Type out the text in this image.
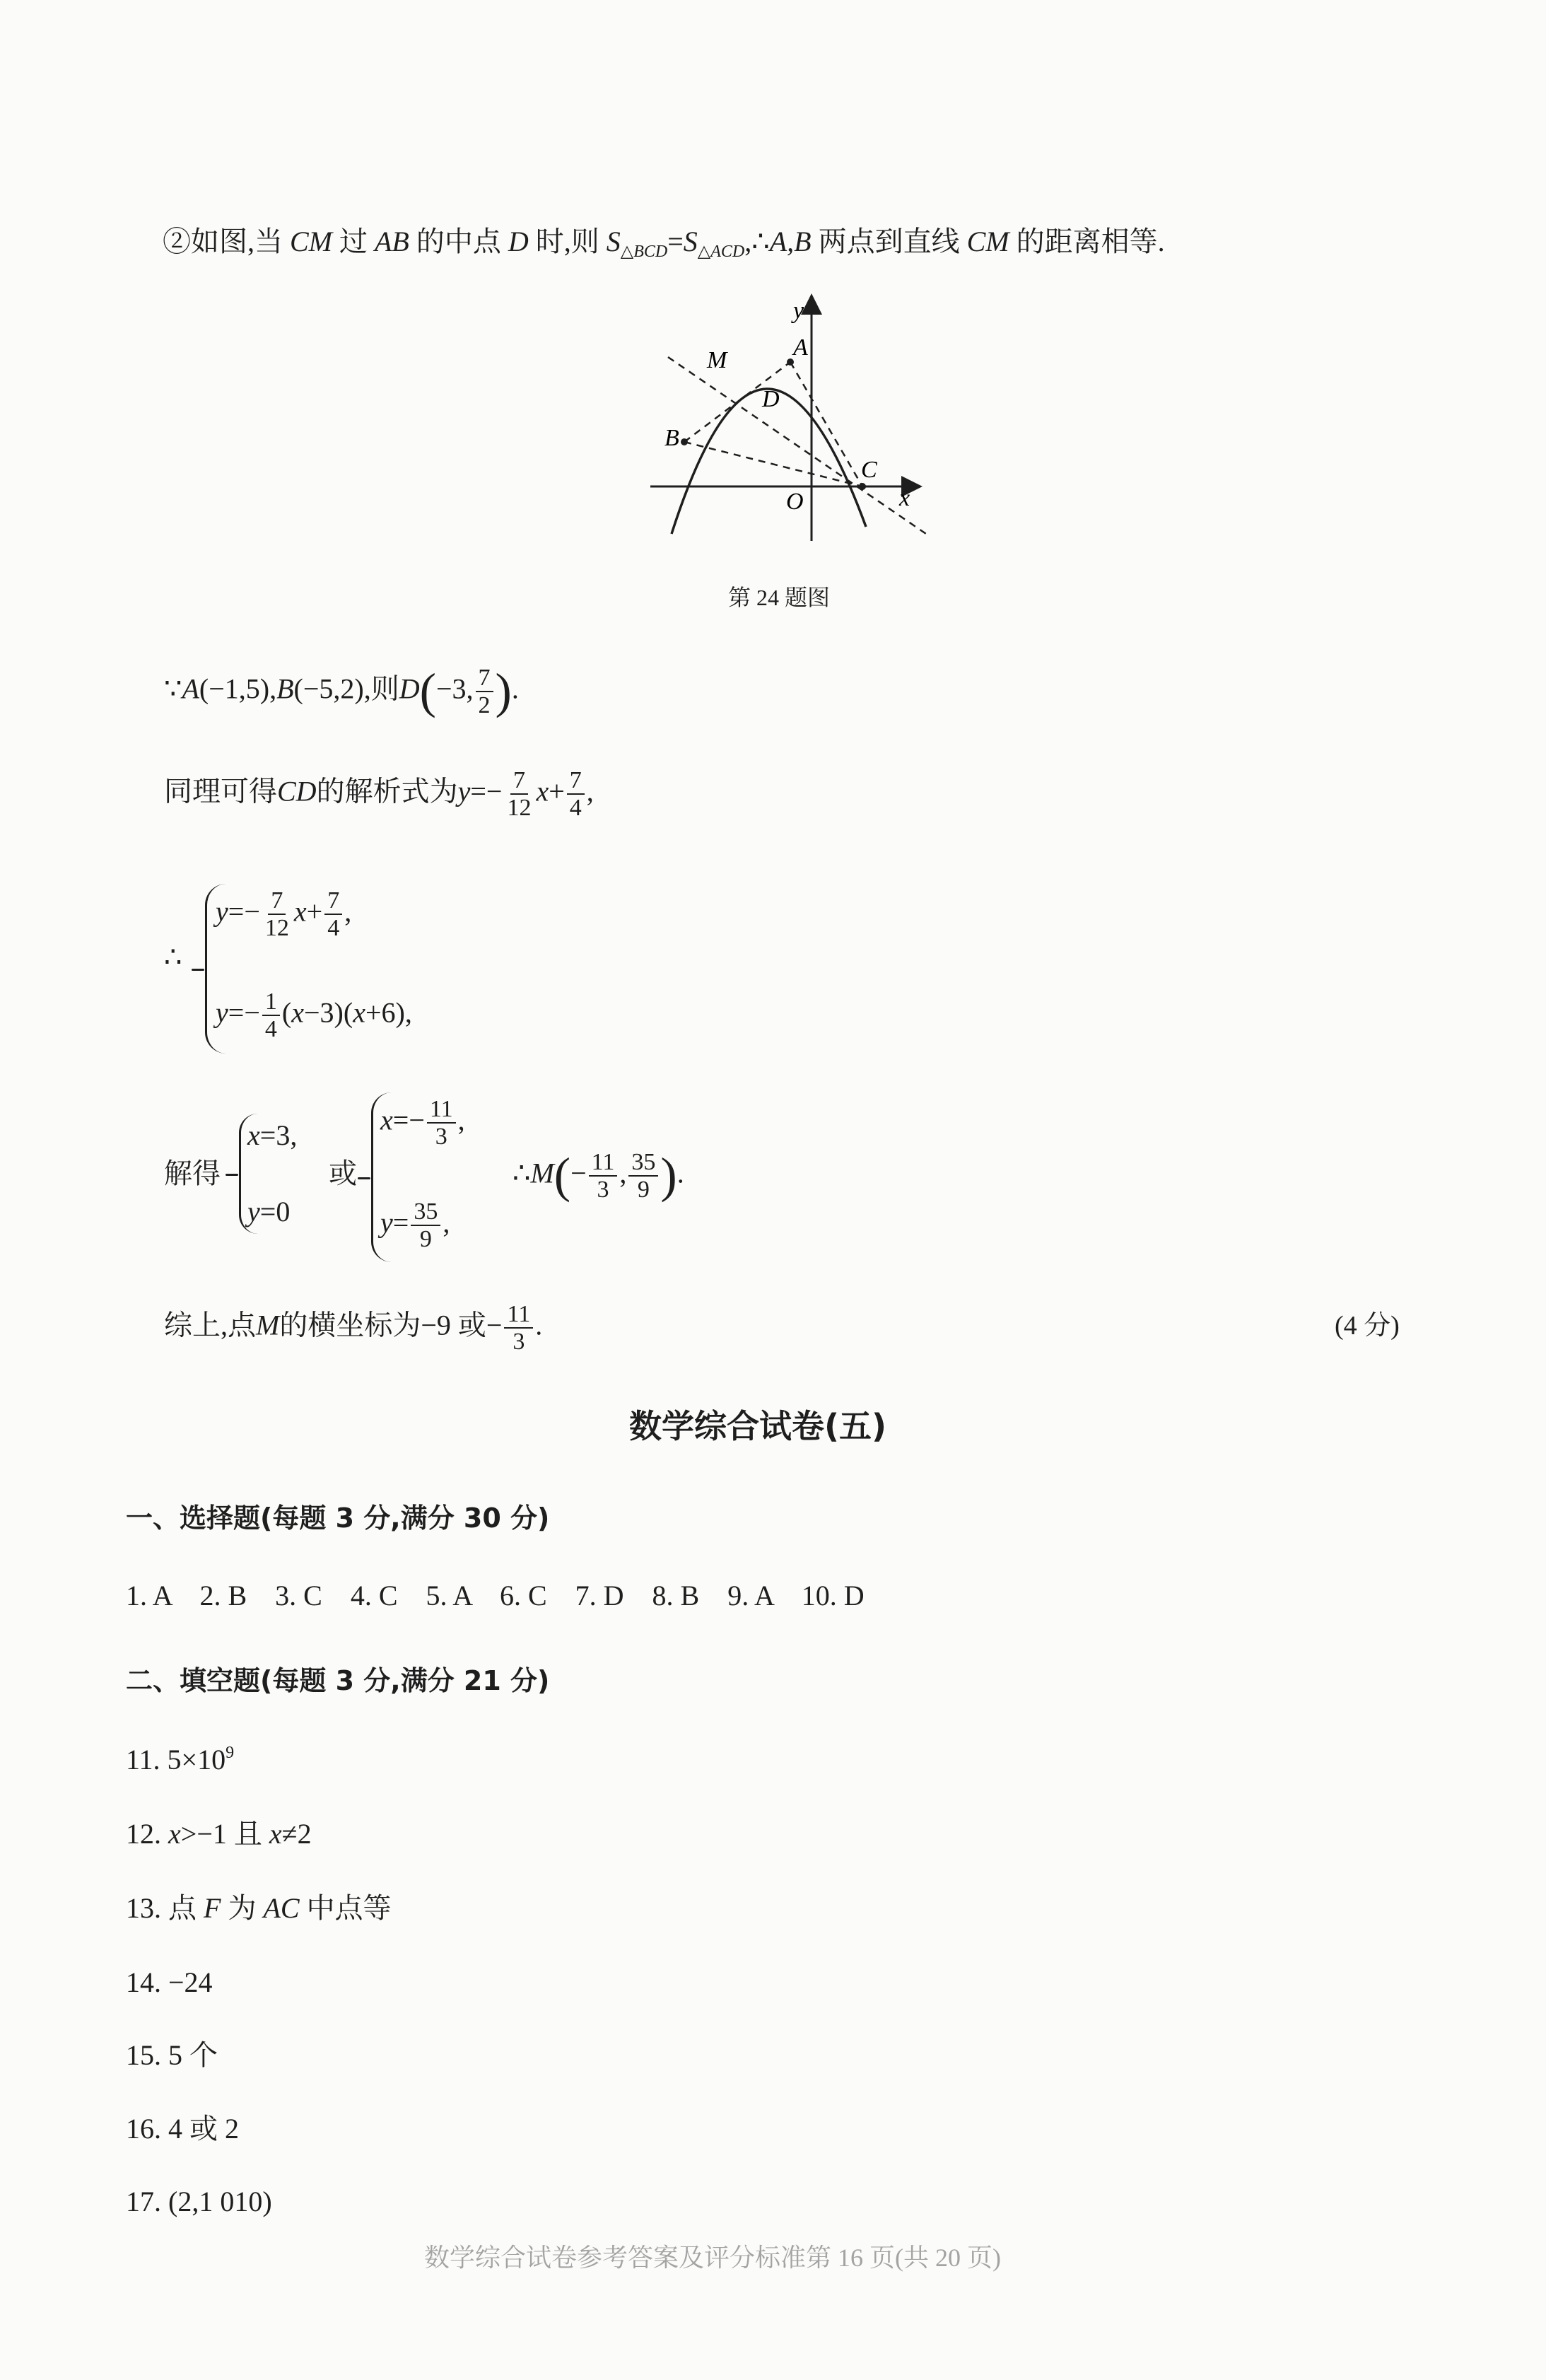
②如图,当 CM 过 AB 的中点 D 时,则 $S_{\triangle BCD}=S_{\triangle ACD},\therefore A,B$ 两点到直线 CM 的距离相等.
y
x
A
M
D
B
C
O
第 24 题图
∵A(−1,5),B(−5,2),则D(−3, $\frac{7}{2}$ ).
同理可得CD的解析式为$y=- \frac{7}{12} x+ \frac{7}{4}$ ,
∴
$y=- \frac{7}{12} x+ \frac{7}{4}$ ,
$y=- \frac{1}{4} (x-3)(x+6)$,
解得
x=3,
y=0
或
$x=- \frac{11}{3}$ ,
$y= \frac{35}{9}$ ,
∴M(− $\frac{11}{3}$ , $\frac{35}{9}$ ).
综上,点M的横坐标为−9 或− $\frac{11}{3}$ .	(4 分)
数学综合试卷(五)
一、选择题(每题 3 分,满分 30 分)
1. A　2. B　3. C　4. C　5. A　6. C　7. D　8. B　9. A　10. D
二、填空题(每题 3 分,满分 21 分)
11. $5\times 10^9$
12. x>−1 且 x≠2
13. 点 F 为 AC 中点等
14. −24
15. 5 个
16. 4 或 2
17. (2,1 010)
数学综合试卷参考答案及评分标准第 16 页(共 20 页)
